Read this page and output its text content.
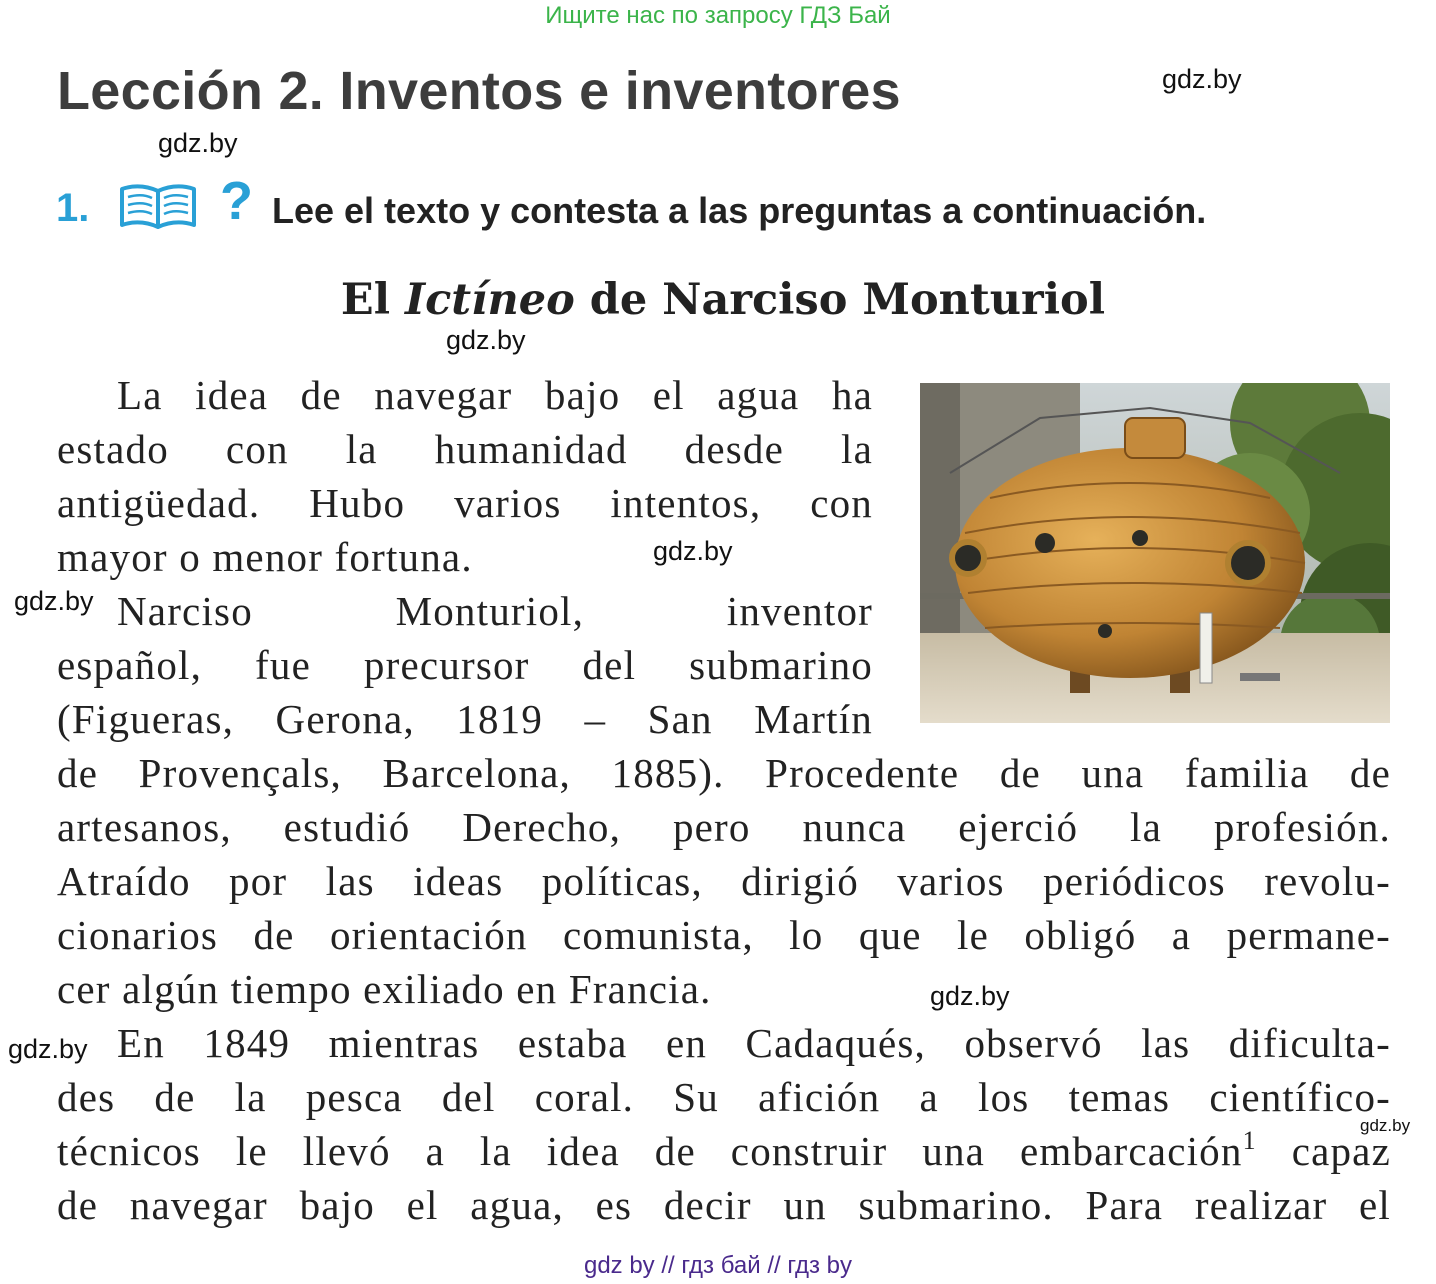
Ищите нас по запросу ГДЗ Бай
Lección 2. Inventos e inventores	gdz.by
gdz.by
gdz.by
gdz.by
gdz.by
gdz.by
gdz.by
gdz.by
1. ? Lee el texto y contesta a las preguntas a continuación.
El Ictíneo de Narciso Monturiol
La idea de navegar bajo el agua ha
estado con la humanidad desde la
antigüedad. Hubo varios intentos, con
mayor o menor fortuna.
Narciso Monturiol, inventor
español, fue precursor del submarino
(Figueras, Gerona, 1819 – San Martín
de Provençals, Barcelona, 1885). Procedente de una familia de
artesanos, estudió Derecho, pero nunca ejerció la profesión.
Atraído por las ideas políticas, dirigió varios periódicos revolu-
cionarios de orientación comunista, lo que le obligó a permane-
cer algún tiempo exiliado en Francia.
En 1849 mientras estaba en Cadaqués, observó las dificulta-
des de la pesca del coral. Su afición a los temas científico-
técnicos le llevó a la idea de construir una embarcación$^1$ capaz
de navegar bajo el agua, es decir un submarino. Para realizar el
gdz by // гдз бай // гдз by
